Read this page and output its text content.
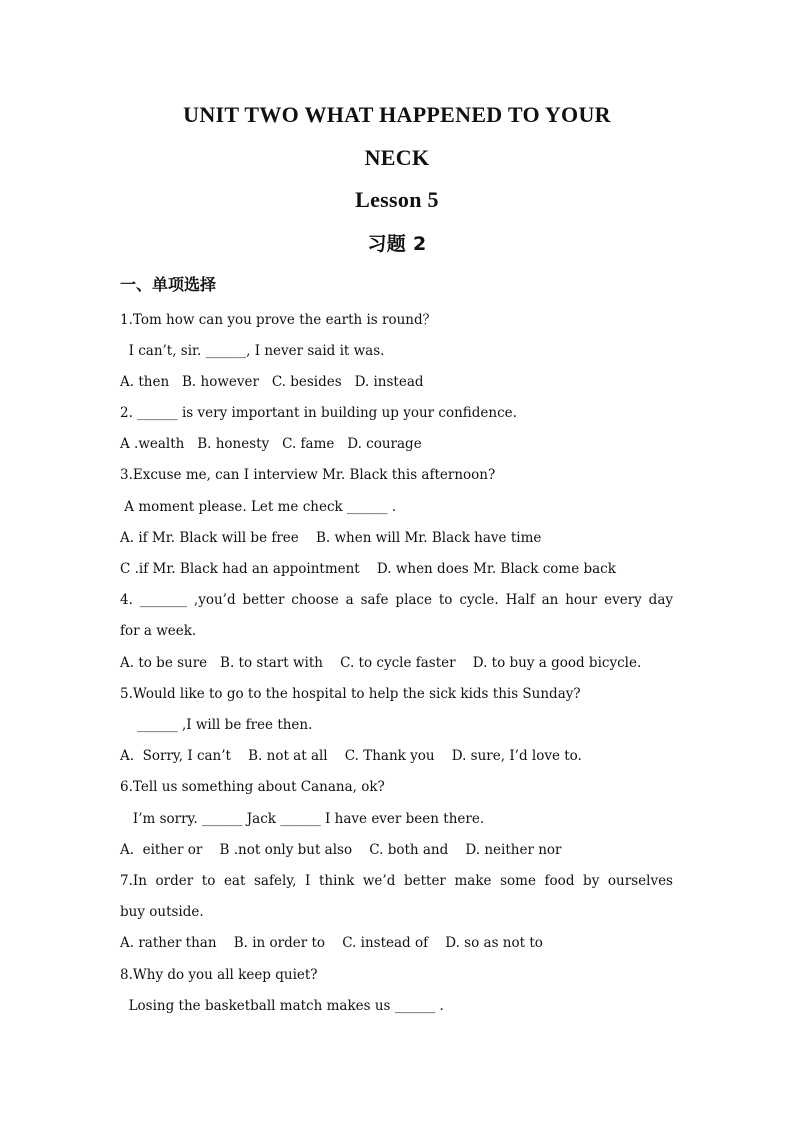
UNIT TWO WHAT HAPPENED TO YOUR
NECK
Lesson 5
习题 2
一、单项选择
1.Tom how can you prove the earth is round？
I can’t, sir. ______, I never said it was.
A. then   B. however   C. besides   D. instead
2. ______ is very important in building up your confidence.
A .wealth   B. honesty   C. fame   D. courage
3.Excuse me, can I interview Mr. Black this afternoon?
A moment please. Let me check ______ .
A. if Mr. Black will be free    B. when will Mr. Black have time
C .if Mr. Black had an appointment    D. when does Mr. Black come back
4. _______ ,you’d better choose a safe place to cycle. Half an hour every day
for a week.
A. to be sure   B. to start with    C. to cycle faster    D. to buy a good bicycle.
5.Would like to go to the hospital to help the sick kids this Sunday?
______ ,I will be free then.
A.  Sorry, I can’t    B. not at all    C. Thank you    D. sure, I’d love to.
6.Tell us something about Canana, ok?
I’m sorry. ______ Jack ______ I have ever been there.
A.  either or    B .not only but also    C. both and    D. neither nor
7.In order to eat safely, I think we’d better make some food by ourselves
buy outside.
A. rather than    B. in order to    C. instead of    D. so as not to
8.Why do you all keep quiet?
Losing the basketball match makes us ______ .
